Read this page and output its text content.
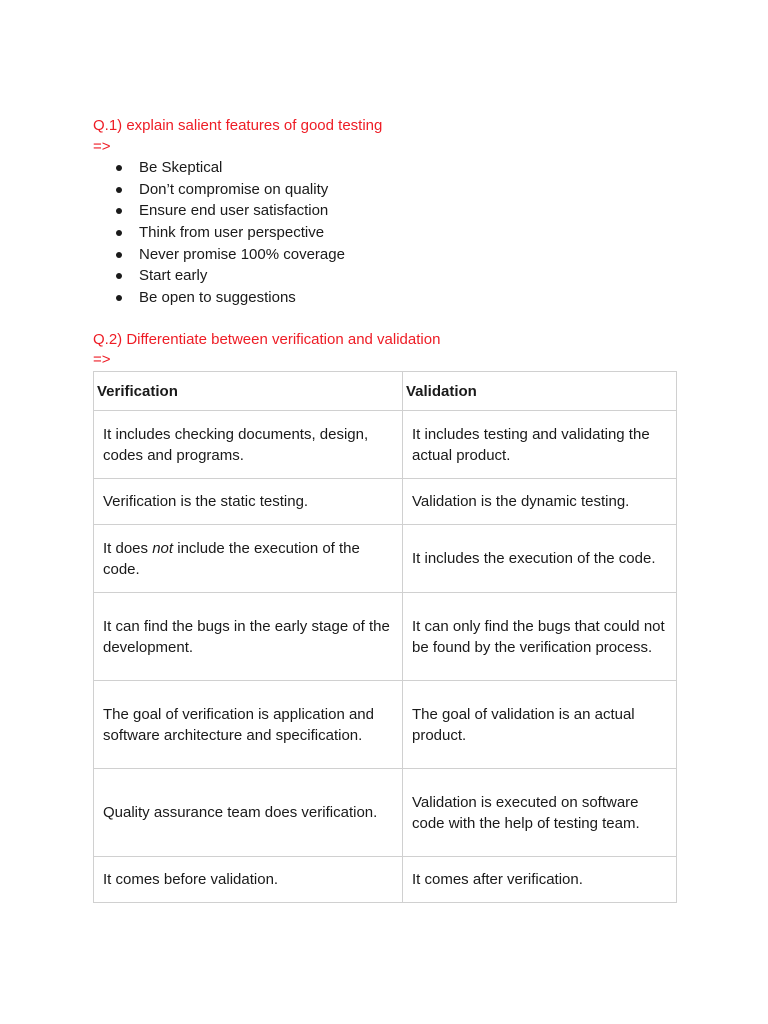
Q.1) explain salient features of good testing
=>
Be Skeptical
Don’t compromise on quality
Ensure end user satisfaction
Think from user perspective
Never promise 100% coverage
Start early
Be open to suggestions
Q.2) Differentiate between verification and validation
=>
Verification	Validation
It includes checking documents, design, codes and programs.	It includes testing and validating the actual product.
Verification is the static testing.	Validation is the dynamic testing.
It does not include the execution of the code.	It includes the execution of the code.
It can find the bugs in the early stage of the development.	It can only find the bugs that could not be found by the verification process.
The goal of verification is application and software architecture and specification.	The goal of validation is an actual product.
Quality assurance team does verification.	Validation is executed on software code with the help of testing team.
It comes before validation.	It comes after verification.
